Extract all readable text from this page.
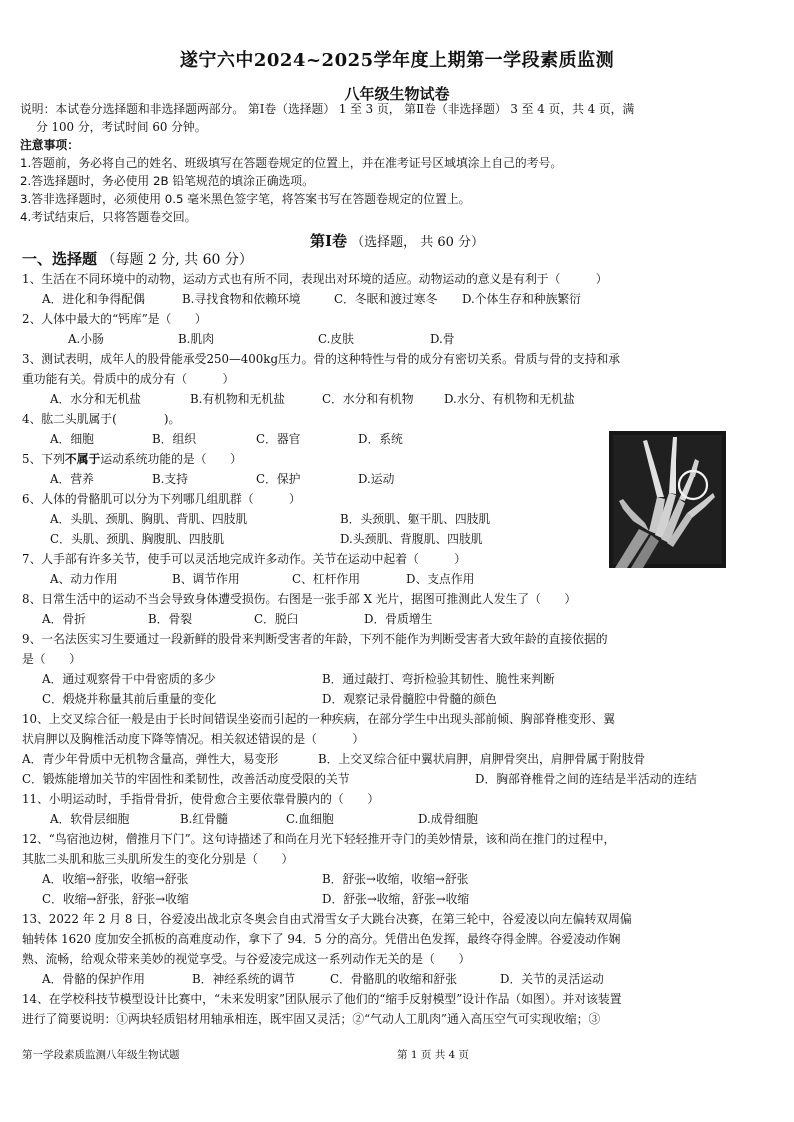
遂宁六中2024~2025学年度上期第一学段素质监测
八年级生物试卷
说明：本试卷分选择题和非选择题两部分。 第Ⅰ卷（选择题） 1 至 3 页， 第Ⅱ卷（非选择题） 3 至 4 页，共 4 页，满
分 100 分，考试时间 60 分钟。
注意事项：
1.答题前，务必将自己的姓名、班级填写在答题卷规定的位置上，并在准考证号区域填涂上自己的考号。
2.答选择题时，务必使用 2B 铅笔规范的填涂正确选项。
3.答非选择题时，必须使用 0.5 毫米黑色签字笔，将答案书写在答题卷规定的位置上。
4.考试结束后，只将答题卷交回。
第Ⅰ卷 （选择题， 共 60 分）
一、选择题 （每题 2 分, 共 60 分）
1、生活在不同环境中的动物，运动方式也有所不同，表现出对环境的适应。动物运动的意义是有利于（　　　）
A．进化和争得配偶	B.寻找食物和依赖环境	C．冬眠和渡过寒冬 D.个体生存和种族繁衍
2、人体中最大的“钙库”是（　　）
A.小肠	B.肌肉	C.皮肤	D.骨
3、测试表明，成年人的股骨能承受250—400kg压力。骨的这种特性与骨的成分有密切关系。骨质与骨的支持和承
重功能有关。骨质中的成分有（　　　）
A．水分和无机盐	B.有机物和无机盐	C．水分和有机物	D.水分、有机物和无机盐
4、肱二头肌属于(　　　　)。
A．细胞	B．组织	C．器官	D．系统
5、下列不属于运动系统功能的是（　　）
A．营养	B.支持	C．保护	D.运动
6、人体的骨骼肌可以分为下列哪几组肌群（　　　）
A．头肌、颈肌、胸肌、背肌、四肢肌	B．头颈肌、躯干肌、四肢肌
C．头肌、颈肌、胸腹肌、四肢肌	D.头颈肌、背腹肌、四肢肌
7、人手部有许多关节，使手可以灵活地完成许多动作。关节在运动中起着（　　　）
A、动力作用	B、调节作用	C、杠杆作用	D、支点作用
8、日常生活中的运动不当会导致身体遭受损伤。右图是一张手部 X 光片，据图可推测此人发生了（　　）
A．骨折	B．骨裂	C．脱臼	D．骨质增生
9、一名法医实习生要通过一段新鲜的股骨来判断受害者的年龄，下列不能作为判断受害者大致年龄的直接依据的
是（　　）
A．通过观察骨干中骨密质的多少	B．通过敲打、弯折检验其韧性、脆性来判断
C．煅烧并称量其前后重量的变化	D．观察记录骨髓腔中骨髓的颜色
10、上交叉综合征一般是由于长时间错误坐姿而引起的一种疾病，在部分学生中出现头部前倾、胸部脊椎变形、翼
状肩胛以及胸椎活动度下降等情况。相关叙述错误的是（　　　）
A．青少年骨质中无机物含量高，弹性大，易变形	B．上交叉综合征中翼状肩胛，肩胛骨突出，肩胛骨属于附肢骨
C．锻炼能增加关节的牢固性和柔韧性，改善活动度受限的关节	D．胸部脊椎骨之间的连结是半活动的连结
11、小明运动时，手指骨骨折，使骨愈合主要依靠骨膜内的（　　）
A．软骨层细胞	B.红骨髓	C.血细胞	D.成骨细胞
12、“鸟宿池边树，僧推月下门”。这句诗描述了和尚在月光下轻轻推开寺门的美妙情景，该和尚在推门的过程中，
其肱二头肌和肱三头肌所发生的变化分别是（　　）
A．收缩→舒张，收缩→舒张	B．舒张→收缩，收缩→舒张
C．收缩→舒张，舒张→收缩	D．舒张→收缩，舒张→收缩
13、2022 年 2 月 8 日，谷爱凌出战北京冬奥会自由式滑雪女子大跳台决赛，在第三轮中，谷爱凌以向左偏转双周偏
轴转体 1620 度加安全抓板的高难度动作，拿下了 94．5 分的高分。凭借出色发挥，最终夺得金牌。谷爱凌动作娴
熟、流畅，给观众带来美妙的视觉享受。与谷爱凌完成这一系列动作无关的是（　　）
A．骨骼的保护作用	B．神经系统的调节	C．骨骼肌的收缩和舒张	D．关节的灵活运动
14、在学校科技节模型设计比赛中，“未来发明家”团队展示了他们的“缩手反射模型”设计作品（如图）。并对该装置
进行了简要说明：①两块轻质铝材用轴承相连，既牢固又灵活；②“气动人工肌肉”通入高压空气可实现收缩；③
第一学段素质监测八年级生物试题	第 1 页 共 4 页
